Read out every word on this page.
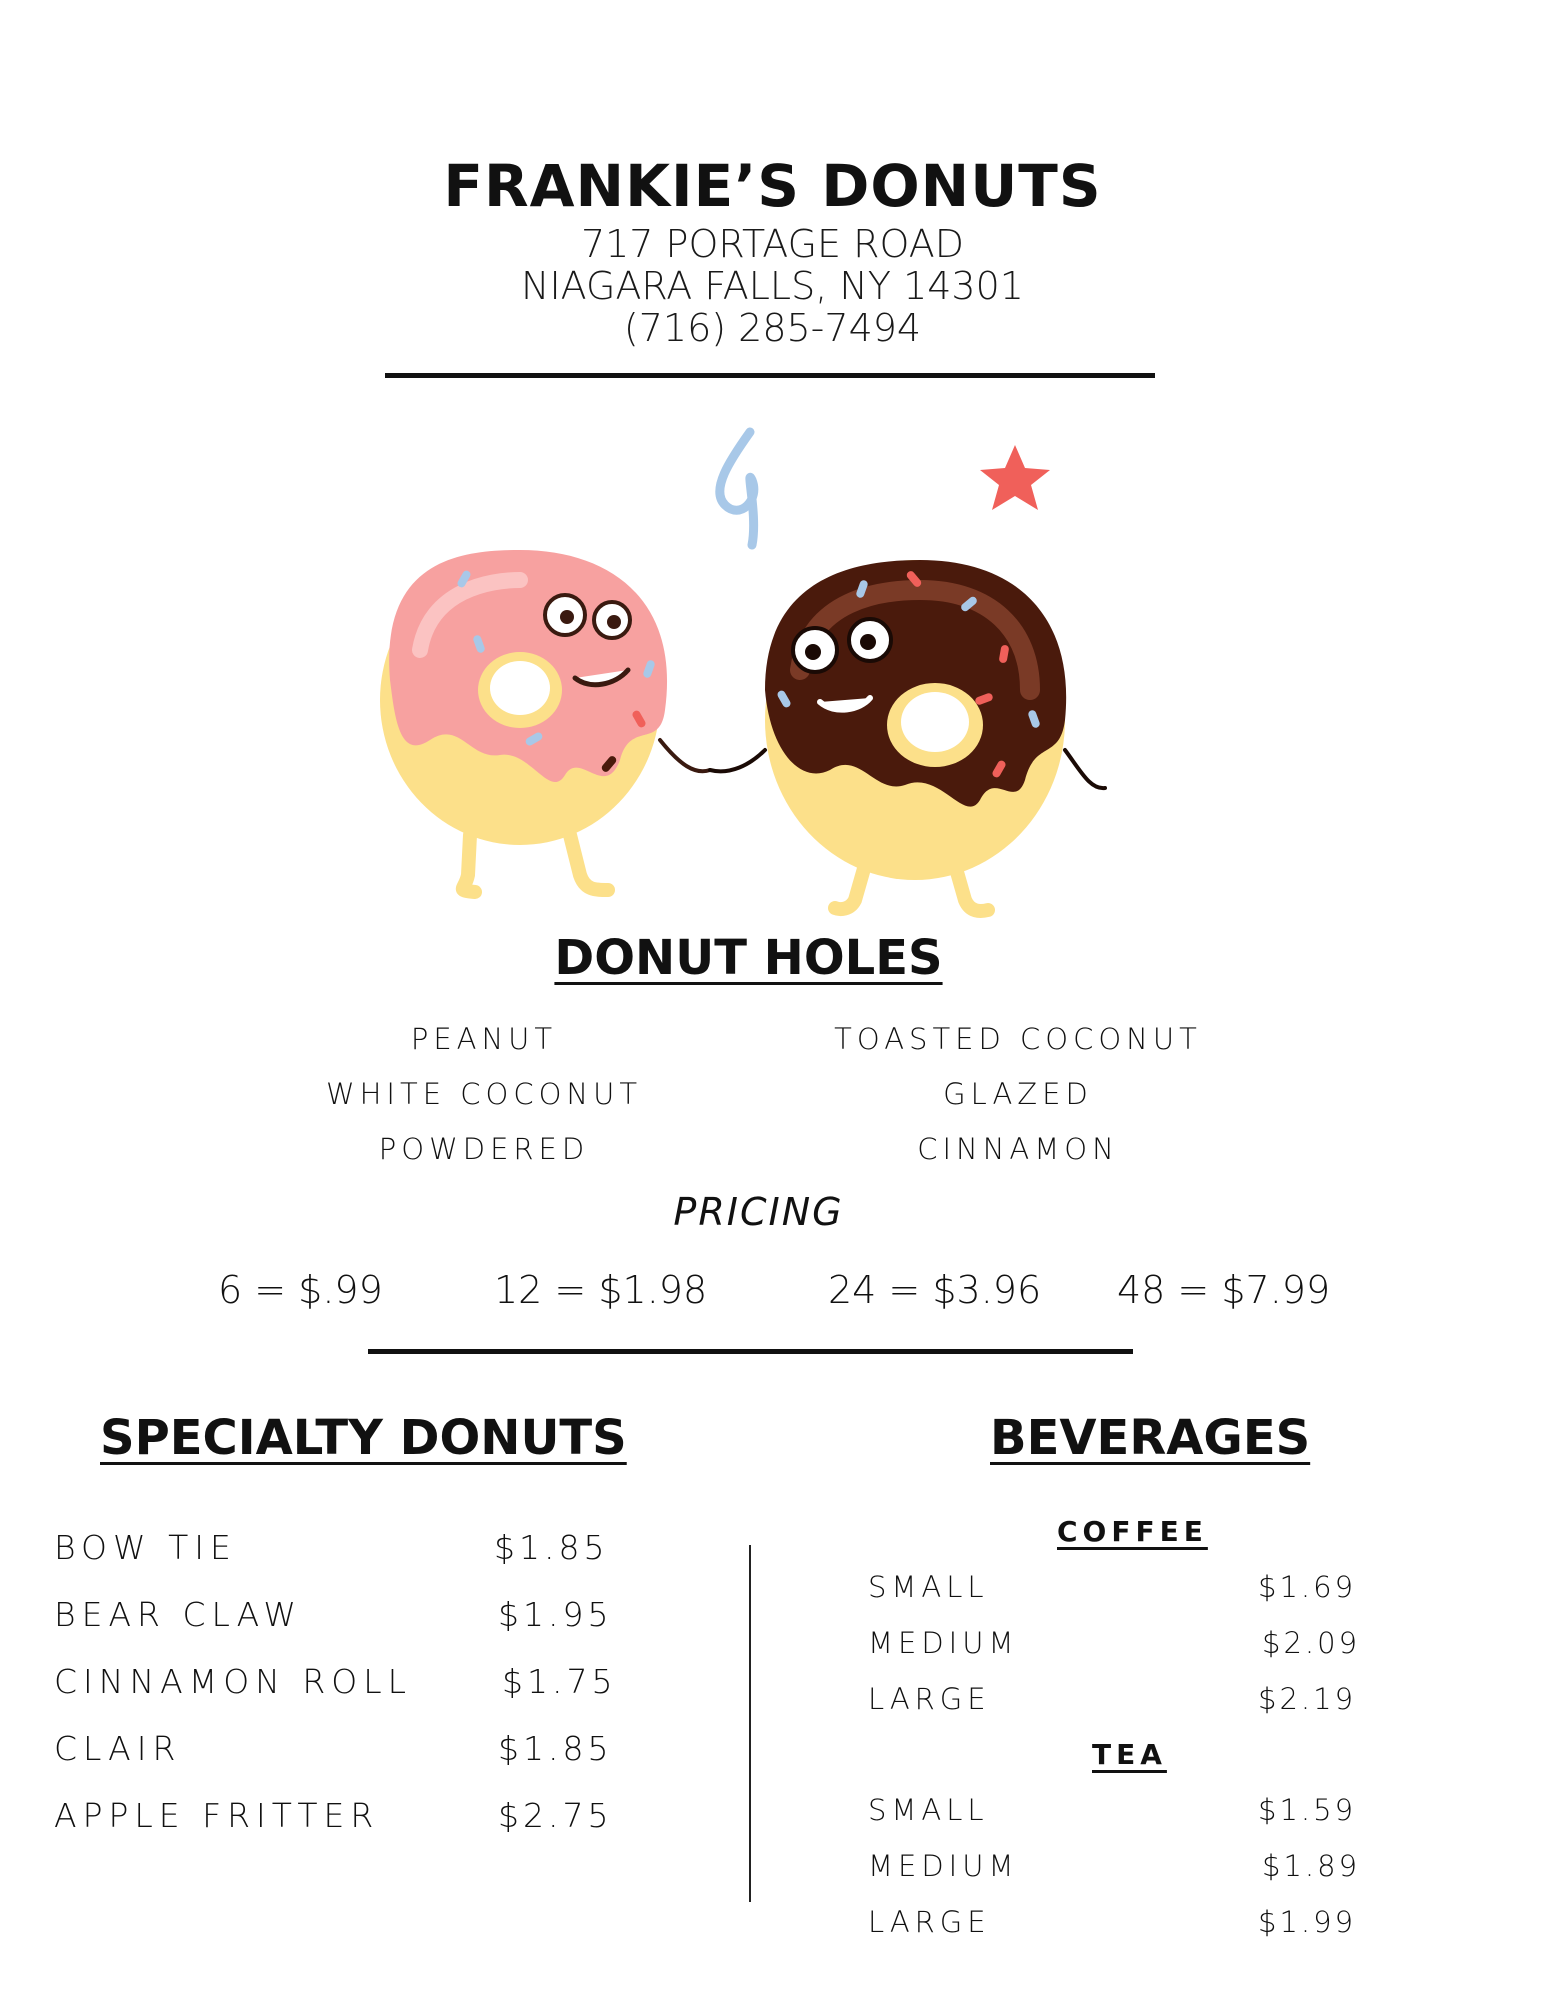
FRANKIE’S DONUTS
717 PORTAGE ROAD
NIAGARA FALLS, NY 14301
(716) 285-7494
DONUT HOLES
PEANUT
WHITE COCONUT
POWDERED
TOASTED COCONUT
GLAZED
CINNAMON
PRICING
6 = $.99	12 = $1.98	24 = $3.96 48 = $7.99
SPECIALTY DONUTS
BOW TIE	$1.85
BEAR CLAW	$1.95
CINNAMON ROLL	$1.75
CLAIR	$1.85
APPLE FRITTER	$2.75
BEVERAGES
COFFEE
SMALL	$1.69
MEDIUM	$2.09
LARGE	$2.19
TEA
SMALL	$1.59
MEDIUM	$1.89
LARGE	$1.99
